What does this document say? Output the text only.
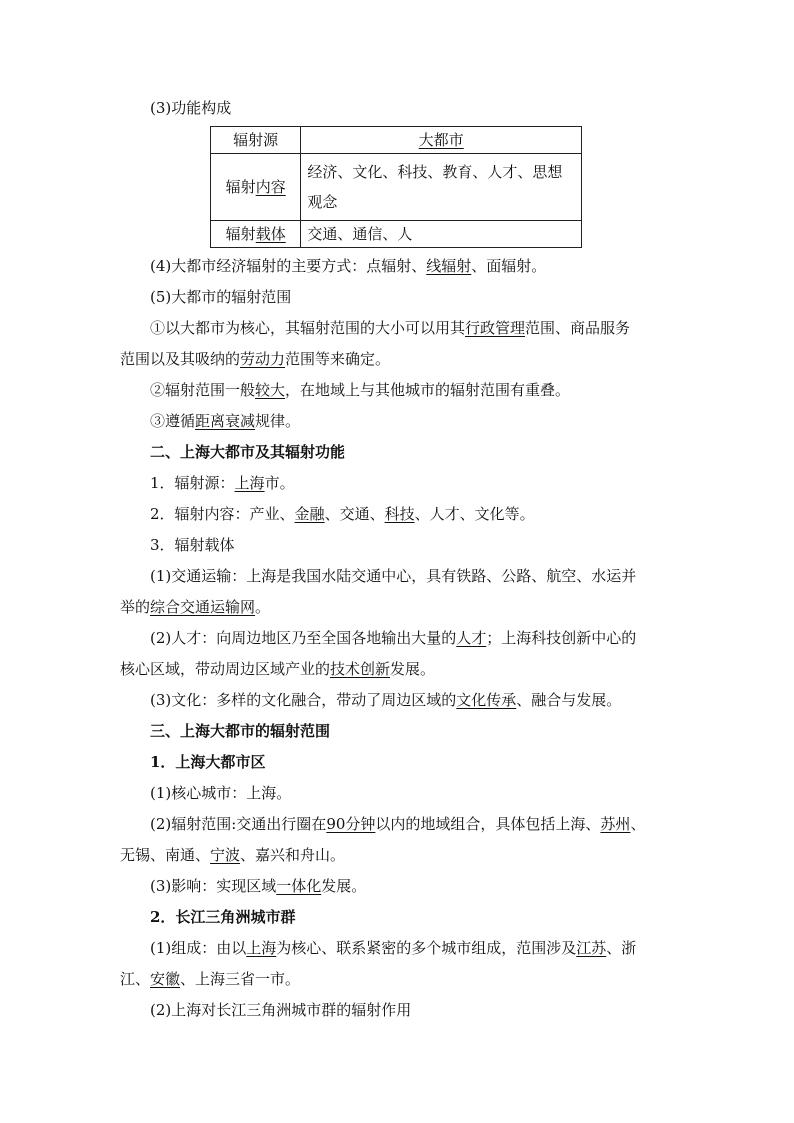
(3)功能构成
辐射源	大都市
辐射内容	经济、文化、科技、教育、人才、思想观念
辐射载体	交通、通信、人
(4)大都市经济辐射的主要方式：点辐射、线辐射、面辐射。
(5)大都市的辐射范围
①以大都市为核心，其辐射范围的大小可以用其行政管理范围、商品服务
范围以及其吸纳的劳动力范围等来确定。
②辐射范围一般较大，在地域上与其他城市的辐射范围有重叠。
③遵循距离衰减规律。
二、上海大都市及其辐射功能
1．辐射源：上海市。
2．辐射内容：产业、金融、交通、科技、人才、文化等。
3．辐射载体
(1)交通运输：上海是我国水陆交通中心，具有铁路、公路、航空、水运并
举的综合交通运输网。
(2)人才：向周边地区乃至全国各地输出大量的人才；上海科技创新中心的
核心区域，带动周边区域产业的技术创新发展。
(3)文化：多样的文化融合，带动了周边区域的文化传承、融合与发展。
三、上海大都市的辐射范围
1．上海大都市区
(1)核心城市：上海。
(2)辐射范围:交通出行圈在90分钟以内的地域组合，具体包括上海、苏州、
无锡、南通、宁波、嘉兴和舟山。
(3)影响：实现区域一体化发展。
2．长江三角洲城市群
(1)组成：由以上海为核心、联系紧密的多个城市组成，范围涉及江苏、浙
江、安徽、上海三省一市。
(2)上海对长江三角洲城市群的辐射作用
